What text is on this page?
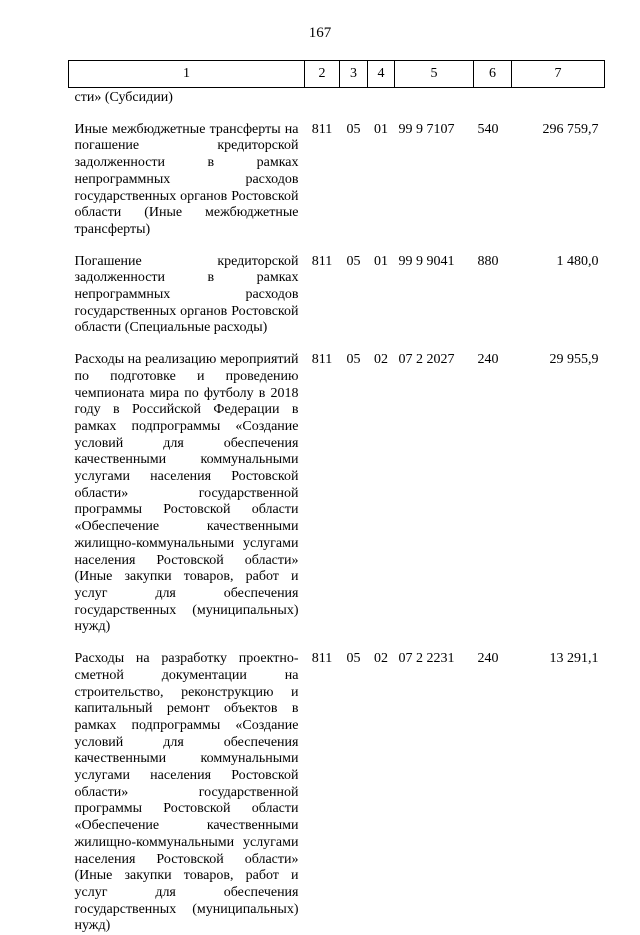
167
1	2	3	4	5	6	7
сти» (Субсидии)						

Иные межбюджетные трансферты на погашение кредиторской задолженности в рамках непрограммных расходов государственных органов Ростовской области (Иные межбюджетные трансферты)	811	05	01	99 9 7107	540	296 759,7

Погашение кредиторской задолженности в рамках непрограммных расходов государственных органов Ростовской области (Специальные расходы)	811	05	01	99 9 9041	880	1 480,0

Расходы на реализацию мероприятий по подготовке и проведению чемпионата мира по футболу в 2018 году в Российской Федерации в рамках подпрограммы «Создание условий для обеспечения качественными коммунальными услугами населения Ростовской области» государственной программы Ростовской области «Обеспечение качественными жилищно-коммунальными услугами населения Ростовской области» (Иные закупки товаров, работ и услуг для обеспечения государственных (муниципальных) нужд)	811	05	02	07 2 2027	240	29 955,9

Расходы на разработку проектно-сметной документации на строительство, реконструкцию и капитальный ремонт объектов в рамках подпрограммы «Создание условий для обеспечения качественными коммунальными услугами населения Ростовской области» государственной программы Ростовской области «Обеспечение качественными жилищно-коммунальными услугами населения Ростовской области» (Иные закупки товаров, работ и услуг для обеспечения государственных (муниципальных) нужд)	811	05	02	07 2 2231	240	13 291,1
